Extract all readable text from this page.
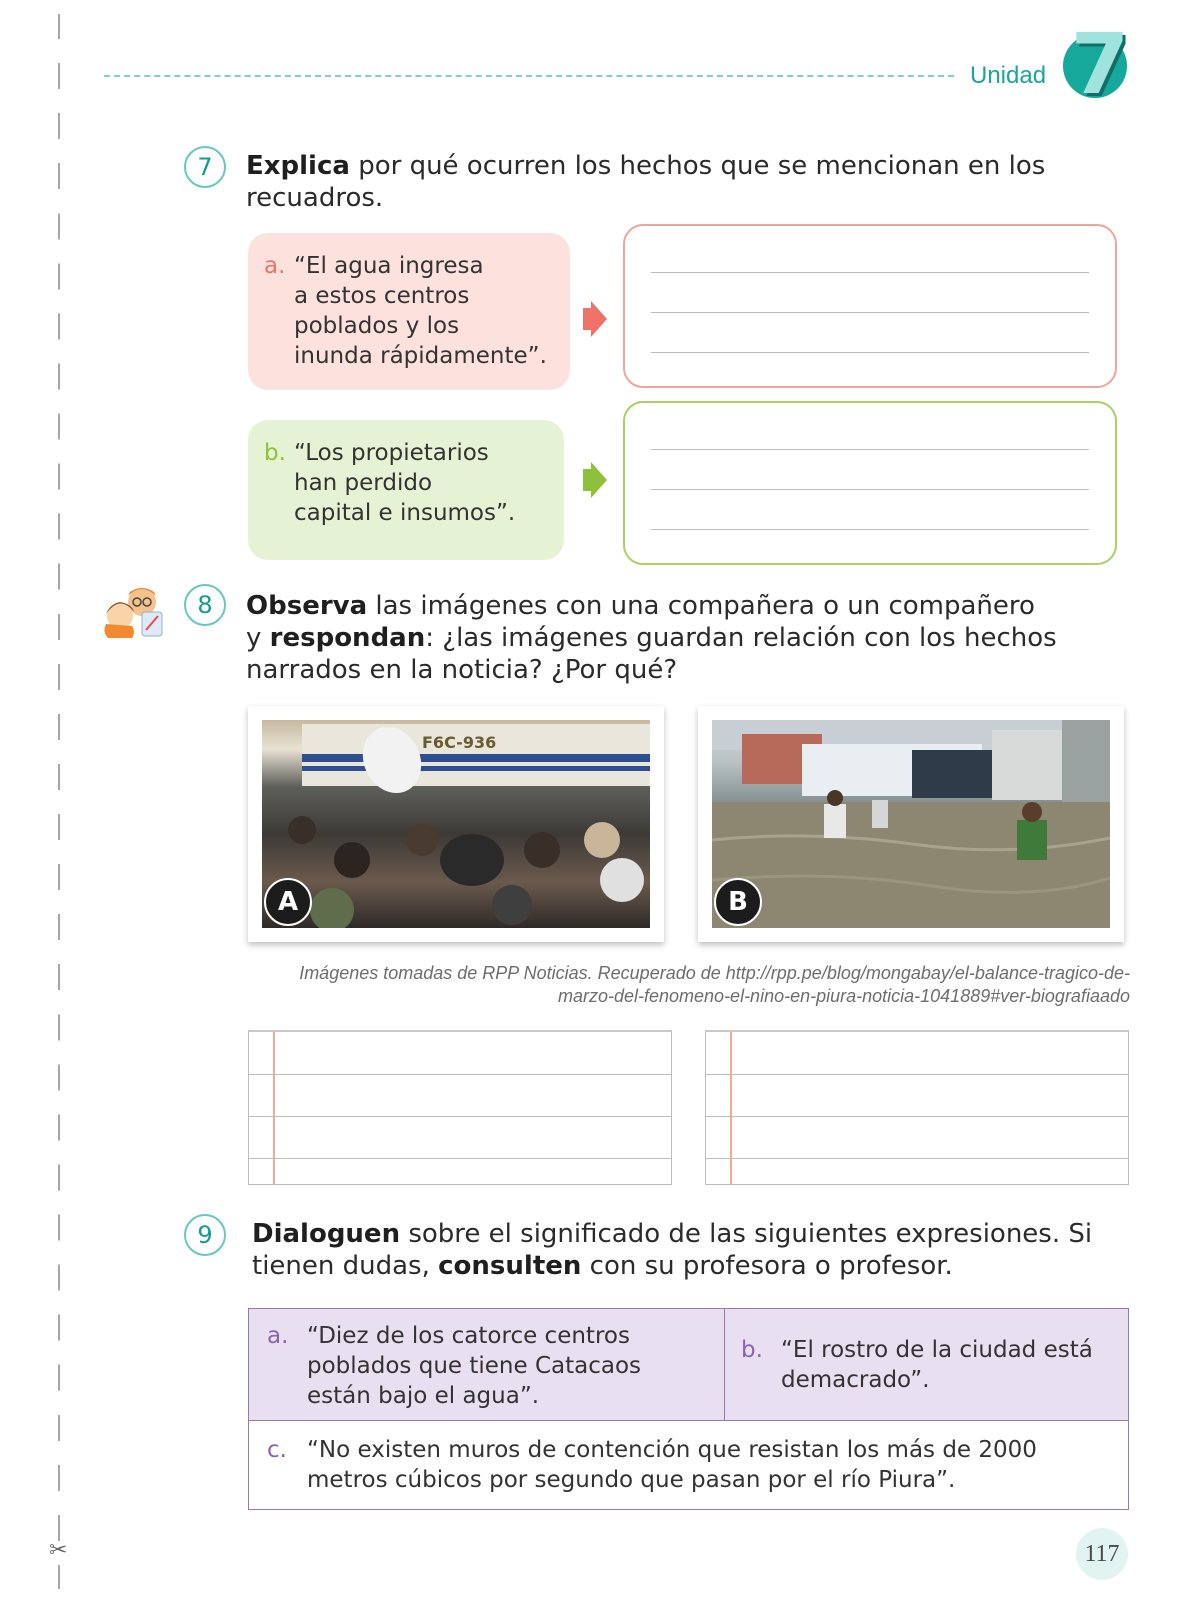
✂
Unidad 7
7	Explica por qué ocurren los hechos que se mencionan en los recuadros.
a. “El agua ingresa
a estos centros
poblados y los
inunda rápidamente”.
b. “Los propietarios
han perdido
capital e insumos”.
8	Observa las imágenes con una compañera o un compañero
y respondan: ¿las imágenes guardan relación con los hechos
narrados en la noticia? ¿Por qué?
F6C-936
A	B
Imágenes tomadas de RPP Noticias. Recuperado de http://rpp.pe/blog/mongabay/el-balance-tragico-de-
marzo-del-fenomeno-el-nino-en-piura-noticia-1041889#ver-biografiaado
9	Dialoguen sobre el significado de las siguientes expresiones. Si
tienen dudas, consulten con su profesora o profesor.
a. “Diez de los catorce centros
poblados que tiene Catacaos
están bajo el agua”.
b. “El rostro de la ciudad está
demacrado”.
c. “No existen muros de contención que resistan los más de 2000
metros cúbicos por segundo que pasan por el río Piura”.
117
